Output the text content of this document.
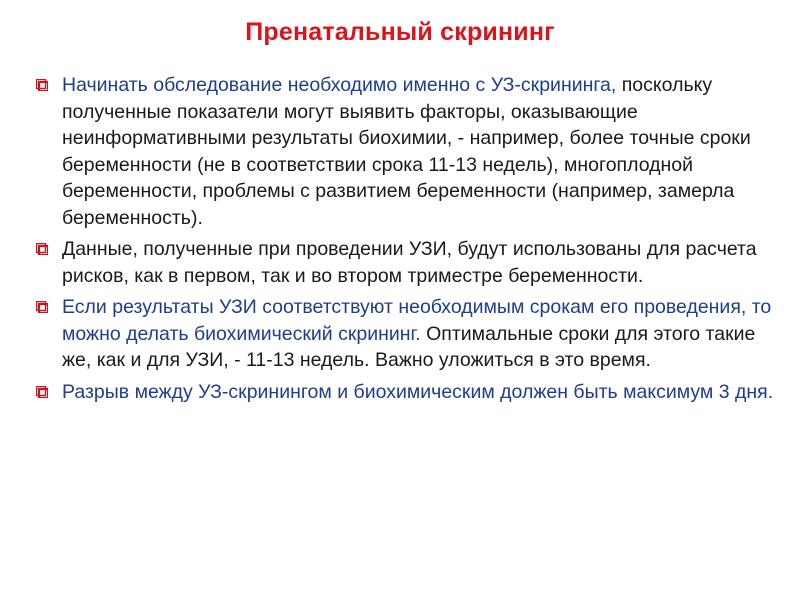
Пренатальный скрининг
Начинать обследование необходимо именно с УЗ-скрининга, поскольку полученные показатели могут выявить факторы, оказывающие неинформативными результаты биохимии, - например, более точные сроки беременности (не в соответствии срока 11-13 недель), многоплодной беременности, проблемы с развитием беременности (например, замерла беременность).
Данные, полученные при проведении УЗИ, будут использованы для расчета рисков, как в первом, так и во втором триместре беременности.
Если результаты УЗИ соответствуют необходимым срокам его проведения, то можно делать биохимический скрининг. Оптимальные сроки для этого такие же, как и для УЗИ, - 11-13 недель. Важно уложиться в это время.
Разрыв между УЗ-скринингом и биохимическим должен быть максимум 3 дня.
